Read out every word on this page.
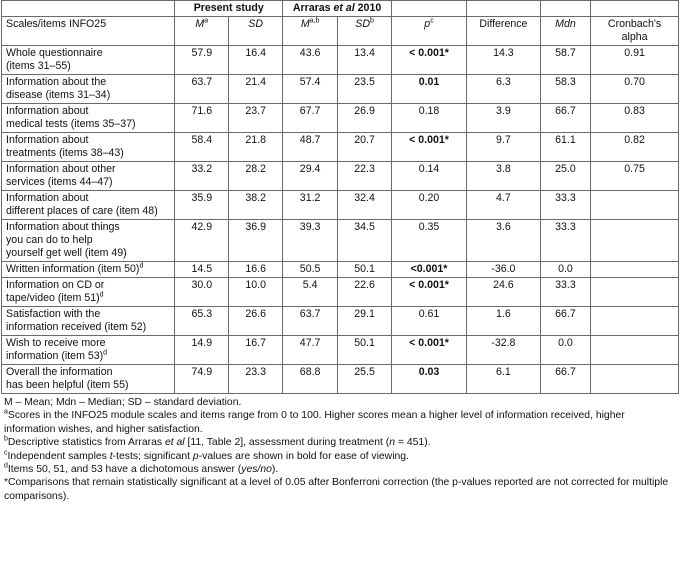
	Present study		Arraras et al 2010					
Scales/items INFO25	$M^a$	SD	M$^{a,b}$	$SD^b$	$p^c$	Difference	Mdn	Cronbach's alpha

Whole questionnaire
(items 31–55)	57.9	16.4	43.6	13.4	< 0.001*	14.3	58.7	0.91

Information about the
disease (items 31–34)	63.7	21.4	57.4	23.5	0.01	6.3	58.3	0.70

Information about
medical tests (items 35–37)	71.6	23.7	67.7	26.9	0.18	3.9	66.7	0.83

Information about
treatments (items 38–43)	58.4	21.8	48.7	20.7	< 0.001*	9.7	61.1	0.82

Information about other
services (items 44–47)	33.2	28.2	29.4	22.3	0.14	3.8	25.0	0.75

Information about
different places of care (item 48)	35.9	38.2	31.2	32.4	0.20	4.7	33.3	

Information about things
you can do to help
yourself get well (item 49)	42.9	36.9	39.3	34.5	0.35	3.6	33.3	

Written information (item 50)$^d$	14.5	16.6	50.5	50.1	<0.001*	-36.0	0.0	

Information on CD or
tape/video (item 51)$^d$	30.0	10.0	5.4	22.6	< 0.001*	24.6	33.3	

Satisfaction with the
information received (item 52)	65.3	26.6	63.7	29.1	0.61	1.6	66.7	

Wish to receive more
information (item 53)$^d$	14.9	16.7	47.7	50.1	< 0.001*	-32.8	0.0	

Overall the information
has been helpful (item 55)	74.9	23.3	68.8	25.5	0.03	6.1	66.7	
M – Mean; Mdn – Median; SD – standard deviation.
$^a$Scores in the INFO25 module scales and items range from 0 to 100. Higher scores mean a higher level of information received, higher information wishes, and higher satisfaction.
$^b$Descriptive statistics from Arraras et al [11, Table 2], assessment during treatment (n = 451).
$^c$Independent samples t-tests; significant p-values are shown in bold for ease of viewing.
$^d$Items 50, 51, and 53 have a dichotomous answer (yes/no).
*Comparisons that remain statistically significant at a level of 0.05 after Bonferroni correction (the p-values reported are not corrected for multiple comparisons).
